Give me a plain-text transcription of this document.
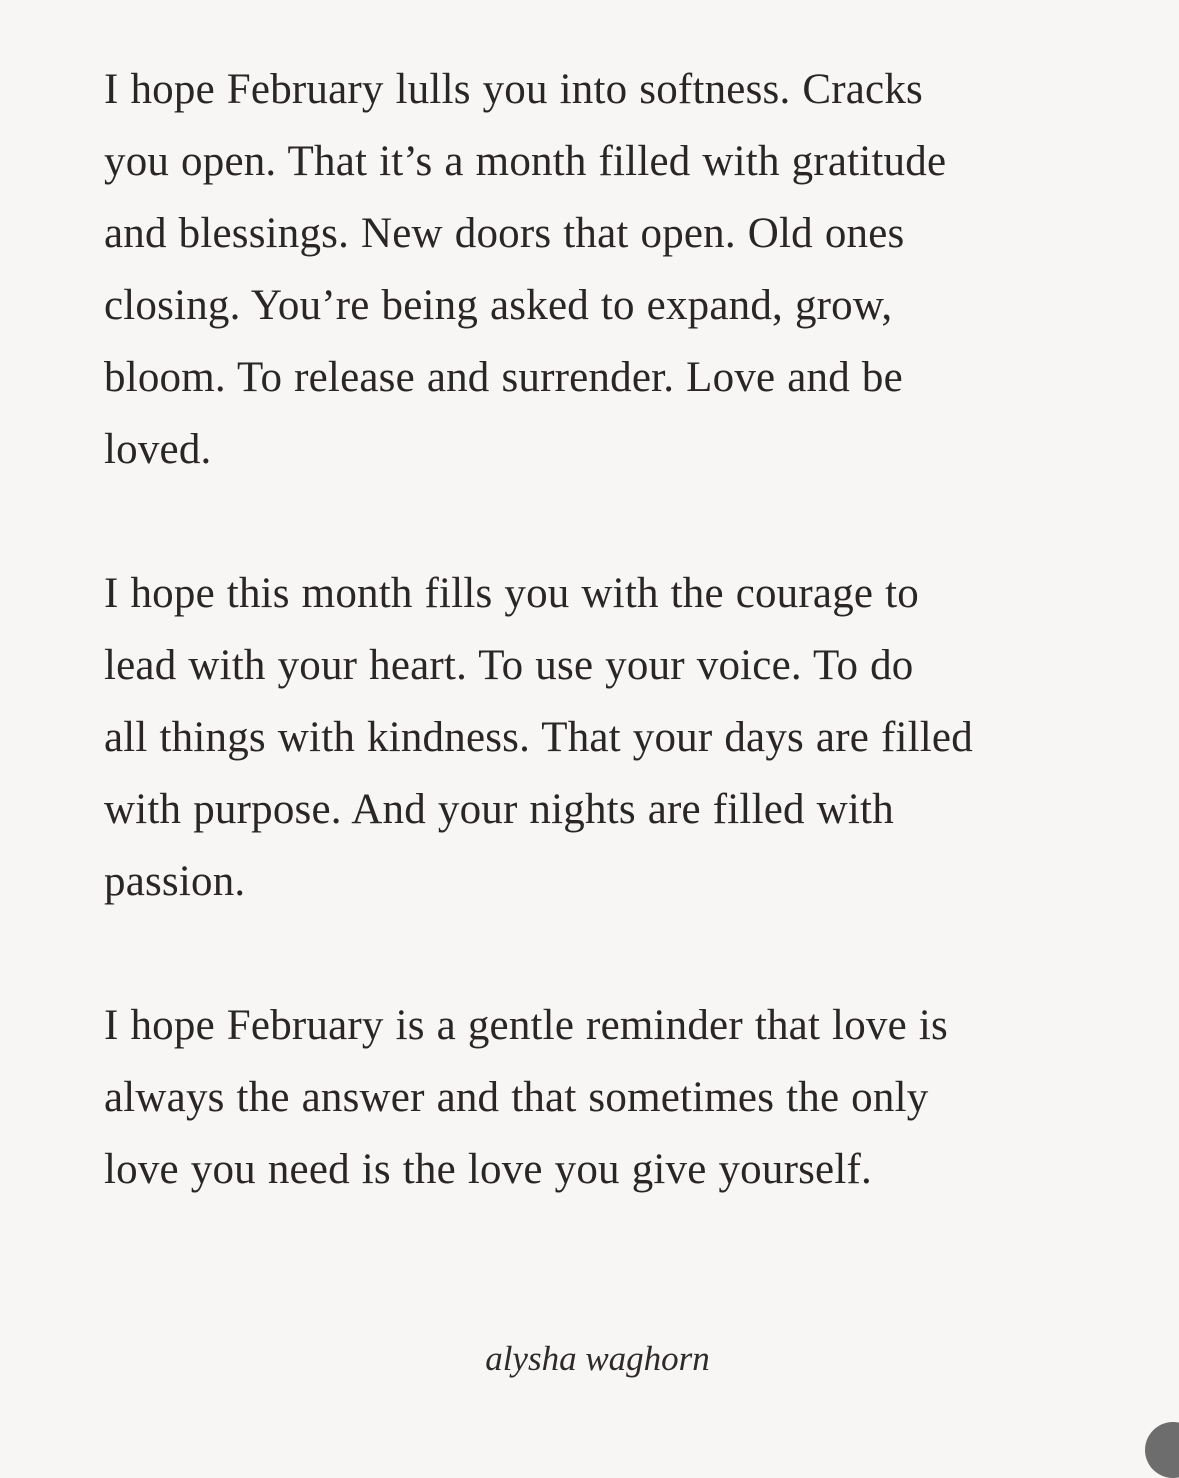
I hope February lulls you into softness. Cracks
you open. That it’s a month filled with gratitude
and blessings. New doors that open. Old ones
closing. You’re being asked to expand, grow,
bloom. To release and surrender. Love and be
loved.

I hope this month fills you with the courage to
lead with your heart. To use your voice. To do
all things with kindness. That your days are filled
with purpose. And your nights are filled with
passion.

I hope February is a gentle reminder that love is
always the answer and that sometimes the only
love you need is the love you give yourself.

alysha waghorn
